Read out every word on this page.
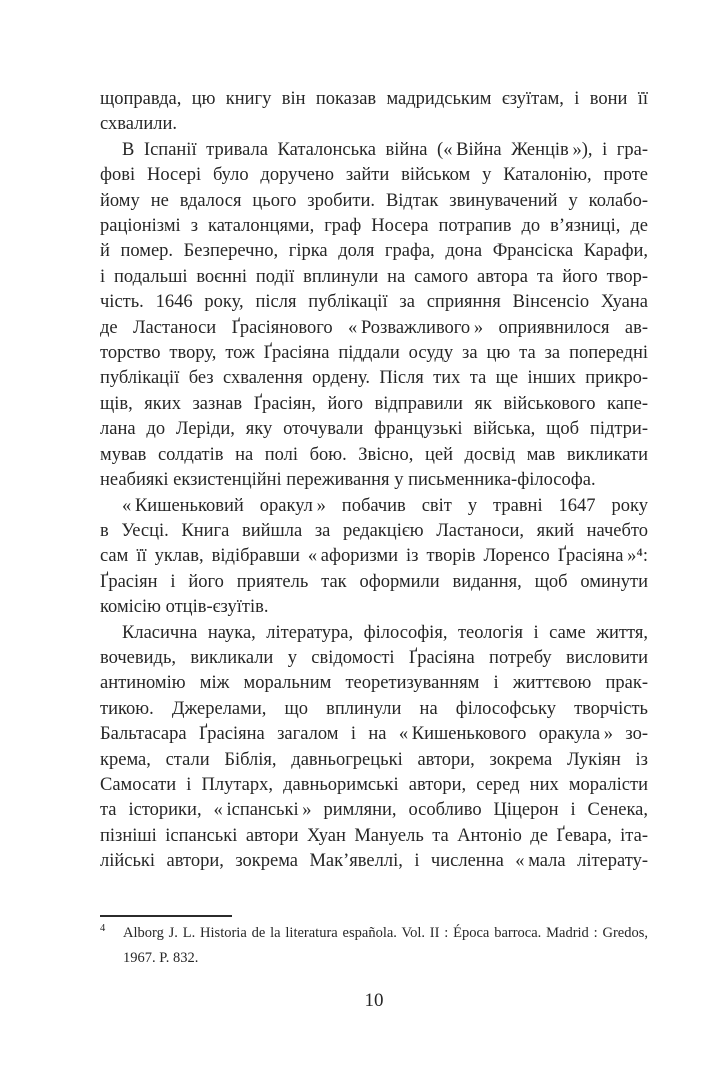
щоправда, цю книгу він показав мадридським єзуїтам, і вони її
схвалили.
В Іспанії тривала Каталонська війна (« Війна Женців »), і гра-
фові Носері було доручено зайти військом у Каталонію, проте
йому не вдалося цього зробити. Відтак звинувачений у колабо-
раціонізмі з каталонцями, граф Носера потрапив до в’язниці, де
й помер. Безперечно, гірка доля графа, дона Франсіска Карафи,
і подальші воєнні події вплинули на самого автора та його твор-
чість. 1646 року, після публікації за сприяння Вінсенсіо Хуана
де Ластаноси Ґрасіянового « Розважливого » оприявнилося ав-
торство твору, тож Ґрасіяна піддали осуду за цю та за попередні
публікації без схвалення ордену. Після тих та ще інших прикро-
щів, яких зазнав Ґрасіян, його відправили як військового капе-
лана до Леріди, яку оточували французькі війська, щоб підтри-
мував солдатів на полі бою. Звісно, цей досвід мав викликати
неабиякі екзистенційні переживання у письменника-філософа.
« Кишеньковий оракул » побачив світ у травні 1647 року
в Уесці. Книга вийшла за редакцією Ластаноси, який начебто
сам її уклав, відібравши « афоризми із творів Лоренсо Ґрасіяна »⁴:
Ґрасіян і його приятель так оформили видання, щоб оминути
комісію отців-єзуїтів.
Класична наука, література, філософія, теологія і саме життя,
вочевидь, викликали у свідомості Ґрасіяна потребу висловити
антиномію між моральним теоретизуванням і життєвою прак-
тикою. Джерелами, що вплинули на філософську творчість
Бальтасара Ґрасіяна загалом і на « Кишенькового оракула » зо-
крема, стали Біблія, давньогрецькі автори, зокрема Лукіян із
Самосати і Плутарх, давньоримські автори, серед них моралісти
та історики, « іспанські » римляни, особливо Ціцерон і Сенека,
пізніші іспанські автори Хуан Мануель та Антоніо де Ґевара, іта-
лійські автори, зокрема Мак’явеллі, і численна « мала літерату-
4 Alborg J. L. Historia de la literatura española. Vol. II : Época barroca. Madrid : Gredos,
1967. P. 832.
10
